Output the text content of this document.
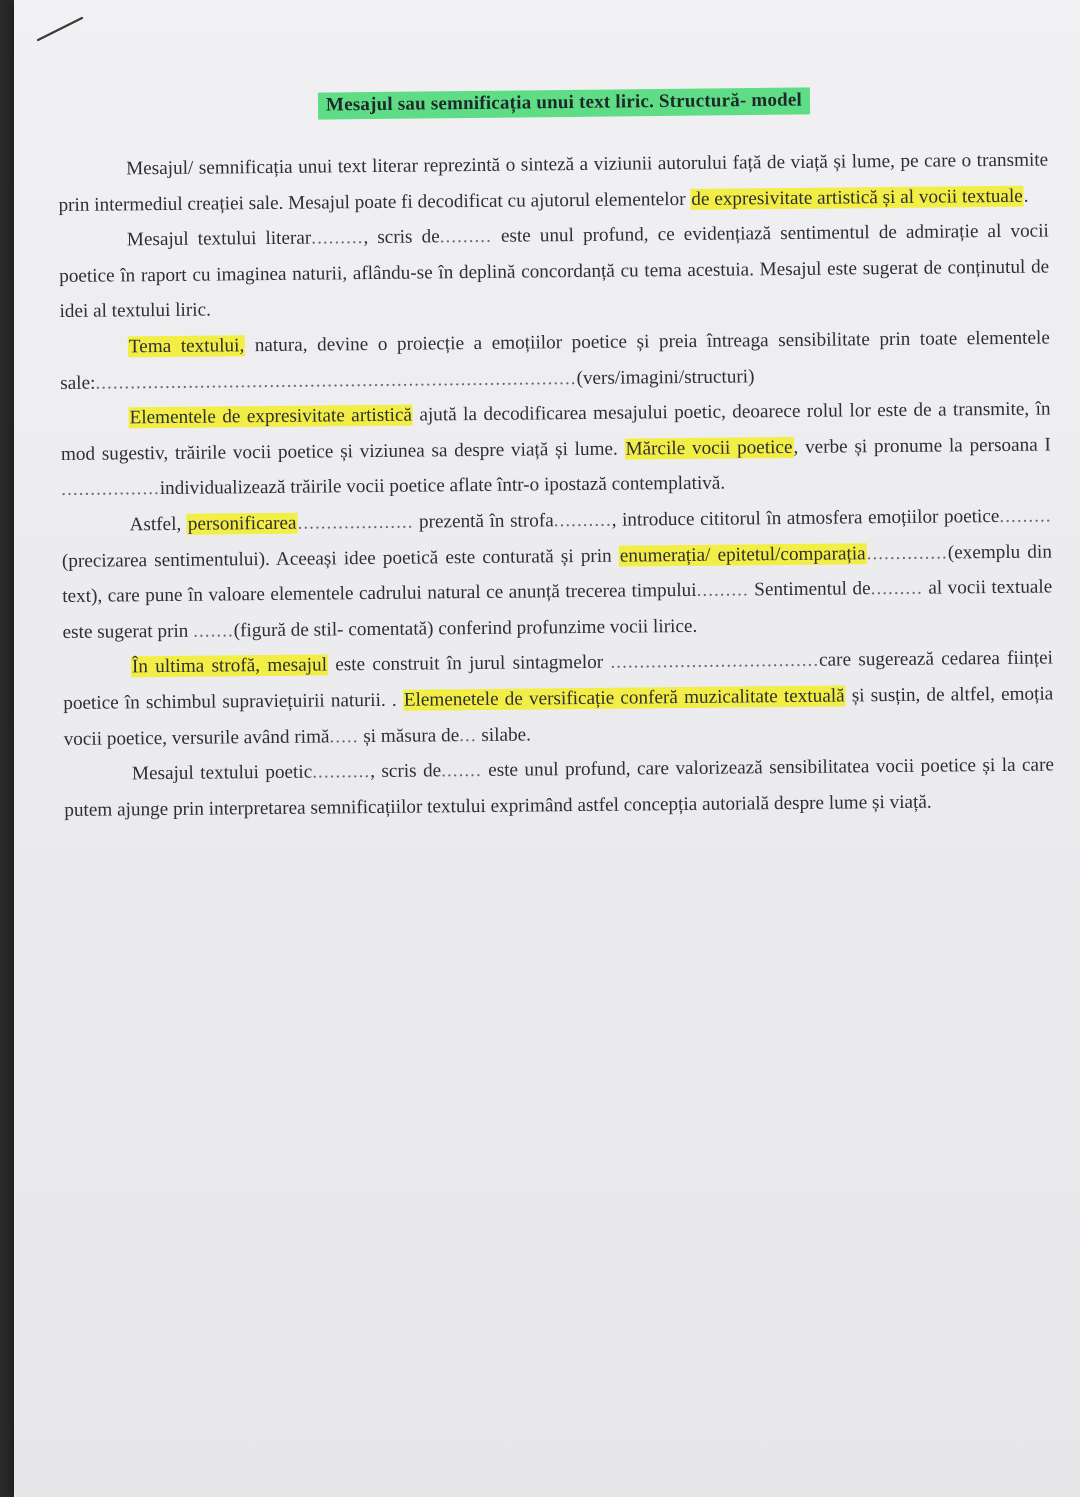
Mesajul sau semnificația unui text liric. Structură- model

Mesajul/ semnificația unui text literar reprezintă o sinteză a viziunii autorului față de viață și lume, pe care o transmite prin intermediul creației sale. Mesajul poate fi decodificat cu ajutorul elementelor de expresivitate artistică și al vocii textuale.

Mesajul textului literar........., scris de......... este unul profund, ce evidențiază sentimentul de admirație al vocii poetice în raport cu imaginea naturii, aflându-se în deplină concordanță cu tema acestuia. Mesajul este sugerat de conținutul de idei al textului liric.

Tema textului, natura, devine o proiecție a emoțiilor poetice și preia întreaga sensibilitate prin toate elementele sale:...................................................................................(vers/imagini/structuri)

Elementele de expresivitate artistică ajută la decodificarea mesajului poetic, deoarece rolul lor este de a transmite, în mod sugestiv, trăirile vocii poetice și viziunea sa despre viață și lume. Mărcile vocii poetice, verbe și pronume la persoana I .................individualizează trăirile vocii poetice aflate într-o ipostază contemplativă.

Astfel, personificarea.................... prezentă în strofa.........., introduce cititorul în atmosfera emoțiilor poetice.........(precizarea sentimentului). Aceeași idee poetică este conturată și prin enumerația/ epitetul/comparația..............(exemplu din text), care pune în valoare elementele cadrului natural ce anunță trecerea timpului......... Sentimentul de......... al vocii textuale este sugerat prin .......(figură de stil- comentată) conferind profunzime vocii lirice.

În ultima strofă, mesajul este construit în jurul sintagmelor ....................................care sugerează cedarea ființei poetice în schimbul supraviețuirii naturii. . Elemenetele de versificație conferă muzicalitate textuală și susțin, de altfel, emoția vocii poetice, versurile având rimă..... și măsura de... silabe.

Mesajul textului poetic.........., scris de....... este unul profund, care valorizează sensibilitatea vocii poetice și la care putem ajunge prin interpretarea semnificațiilor textului exprimând astfel concepția autorială despre lume și viață.
